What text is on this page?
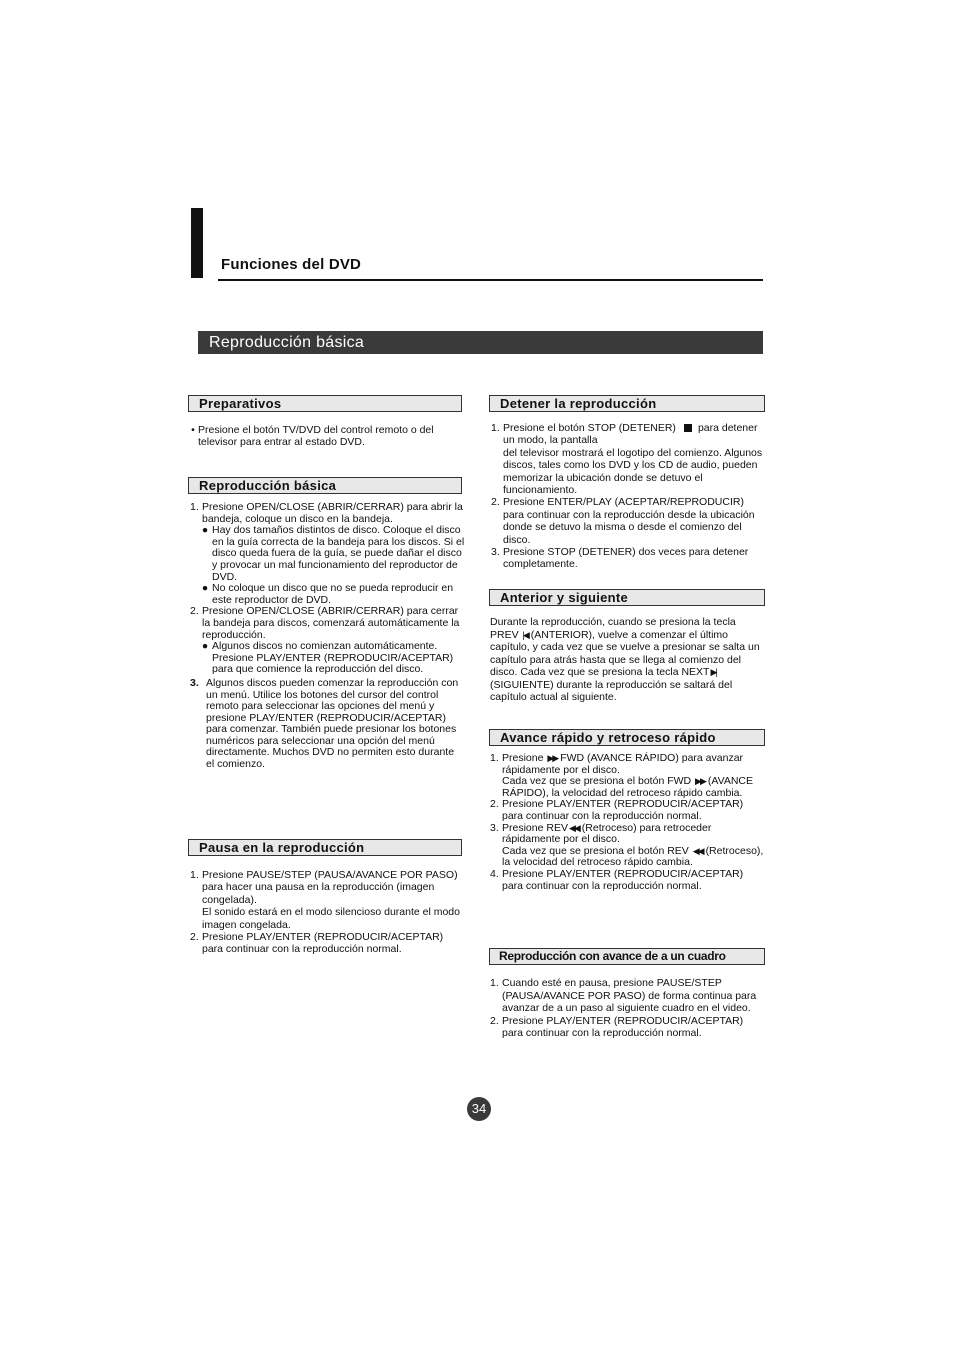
Funciones del DVD
Reproducción básica
Preparativos
• Presione el botón TV/DVD del control remoto o del televisor para entrar al estado DVD.
Reproducción básica
1. Presione OPEN/CLOSE (ABRIR/CERRAR) para abrir la bandeja, coloque un disco en la bandeja.
● Hay dos tamaños distintos de disco. Coloque el disco en la guía correcta de la bandeja para los discos. Si el disco queda fuera de la guía, se puede dañar el disco y provocar un mal funcionamiento del reproductor de DVD.
● No coloque un disco que no se pueda reproducir en este reproductor de DVD.
2. Presione OPEN/CLOSE (ABRIR/CERRAR) para cerrar la bandeja para discos, comenzará automáticamente la reproducción.
● Algunos discos no comienzan automáticamente. Presione PLAY/ENTER (REPRODUCIR/ACEPTAR) para que comience la reproducción del disco.
3. Algunos discos pueden comenzar la reproducción con un menú. Utilice los botones del cursor del control remoto para seleccionar las opciones del menú y presione PLAY/ENTER (REPRODUCIR/ACEPTAR) para comenzar. También puede presionar los botones numéricos para seleccionar una opción del menú directamente. Muchos DVD no permiten esto durante el comienzo.
Pausa en la reproducción
1. Presione PAUSE/STEP (PAUSA/AVANCE POR PASO) para hacer una pausa en la reproducción (imagen congelada).
El sonido estará en el modo silencioso durante el modo imagen congelada.
2. Presione PLAY/ENTER (REPRODUCIR/ACEPTAR) para continuar con la reproducción normal.
Detener la reproducción
1. Presione el botón STOP (DETENER) para detener un modo, la pantalla
del televisor mostrará el logotipo del comienzo. Algunos discos, tales como los DVD y los CD de audio, pueden memorizar la ubicación donde se detuvo el funcionamiento.
2. Presione ENTER/PLAY (ACEPTAR/REPRODUCIR) para continuar con la reproducción desde la ubicación donde se detuvo la misma o desde el comienzo del disco.
3. Presione STOP (DETENER) dos veces para detener completamente.
Anterior y siguiente

Durante la reproducción, cuando se presiona la tecla PREV |◀ (ANTERIOR), vuelve a comenzar el último capítulo, y cada vez que se vuelve a presionar se salta un capítulo para atrás hasta que se llega al comienzo del disco. Cada vez que se presiona la tecla NEXT▶|(SIGUIENTE) durante la reproducción se saltará del capítulo actual al siguiente.

Avance rápido y retroceso rápido
1. Presione ▶▶ FWD (AVANCE RÁPIDO) para avanzar rápidamente por el disco.
Cada vez que se presiona el botón FWD ▶▶ (AVANCE RÁPIDO), la velocidad del retroceso rápido cambia.
2. Presione PLAY/ENTER (REPRODUCIR/ACEPTAR) para continuar con la reproducción normal.
3. Presione REV◀◀ (Retroceso) para retroceder rápidamente por el disco.
Cada vez que se presiona el botón REV ◀◀ (Retroceso), la velocidad del retroceso rápido cambia.
4. Presione PLAY/ENTER (REPRODUCIR/ACEPTAR) para continuar con la reproducción normal.
Reproducción con avance de a un cuadro
1. Cuando esté en pausa, presione PAUSE/STEP (PAUSA/AVANCE POR PASO) de forma continua para avanzar de a un paso al siguiente cuadro en el video.
2. Presione PLAY/ENTER (REPRODUCIR/ACEPTAR) para continuar con la reproducción normal.
34
